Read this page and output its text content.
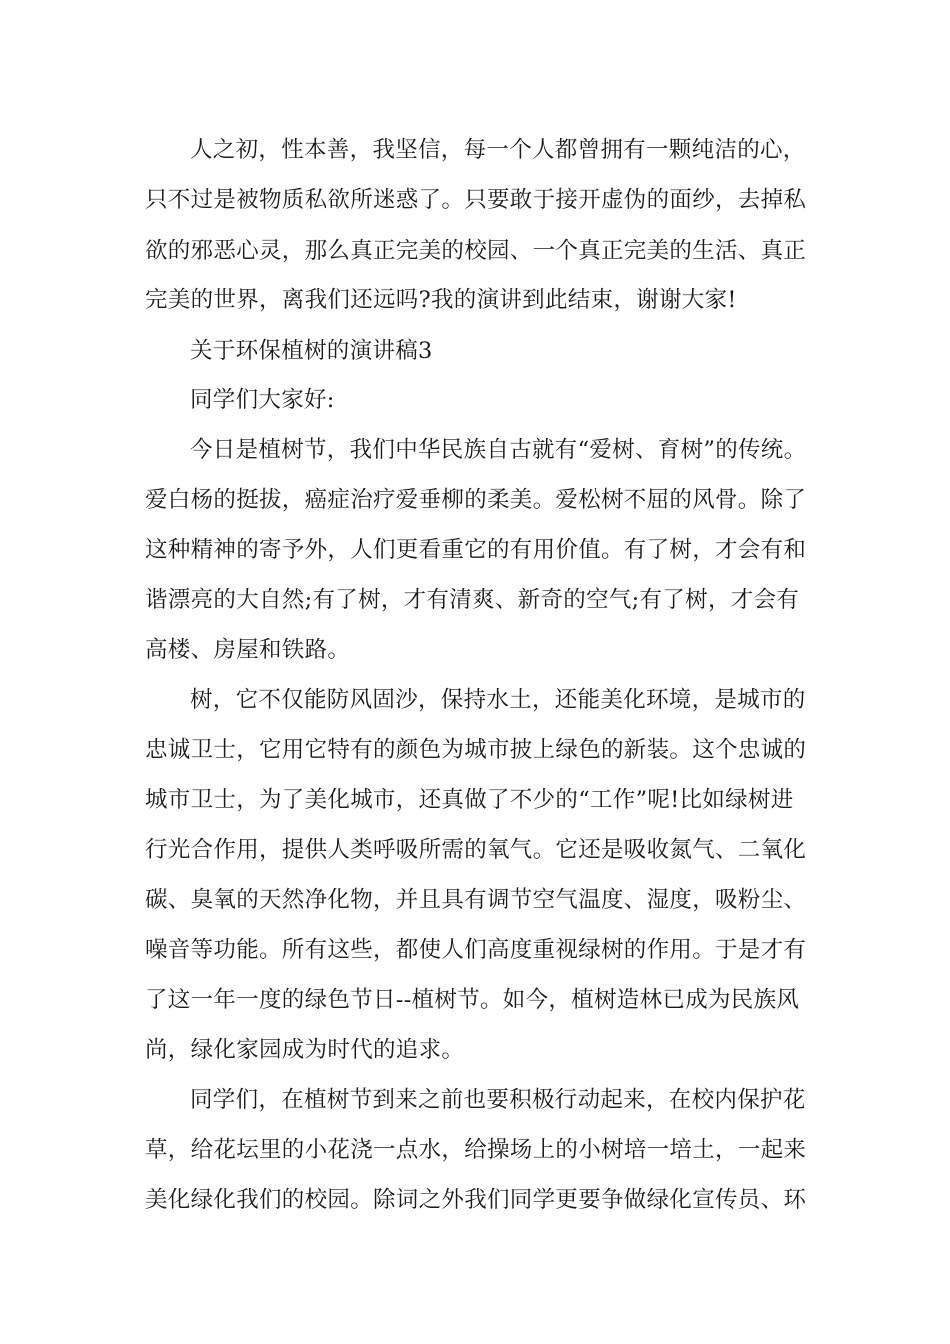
人之初，性本善，我坚信，每一个人都曾拥有一颗纯洁的心，
只不过是被物质私欲所迷惑了。只要敢于接开虚伪的面纱，去掉私
欲的邪恶心灵，那么真正完美的校园、一个真正完美的生活、真正
完美的世界，离我们还远吗?我的演讲到此结束，谢谢大家!
关于环保植树的演讲稿3
同学们大家好:
今日是植树节，我们中华民族自古就有“爱树、育树”的传统。
爱白杨的挺拔，癌症治疗爱垂柳的柔美。爱松树不屈的风骨。除了
这种精神的寄予外，人们更看重它的有用价值。有了树，才会有和
谐漂亮的大自然;有了树，才有清爽、新奇的空气;有了树，才会有
高楼、房屋和铁路。
树，它不仅能防风固沙，保持水土，还能美化环境，是城市的
忠诚卫士，它用它特有的颜色为城市披上绿色的新装。这个忠诚的
城市卫士，为了美化城市，还真做了不少的“工作”呢!比如绿树进
行光合作用，提供人类呼吸所需的氧气。它还是吸收氮气、二氧化
碳、臭氧的天然净化物，并且具有调节空气温度、湿度，吸粉尘、
噪音等功能。所有这些，都使人们高度重视绿树的作用。于是才有
了这一年一度的绿色节日--植树节。如今，植树造林已成为民族风
尚，绿化家园成为时代的追求。
同学们，在植树节到来之前也要积极行动起来，在校内保护花
草，给花坛里的小花浇一点水，给操场上的小树培一培土，一起来
美化绿化我们的校园。除词之外我们同学更要争做绿化宣传员、环
